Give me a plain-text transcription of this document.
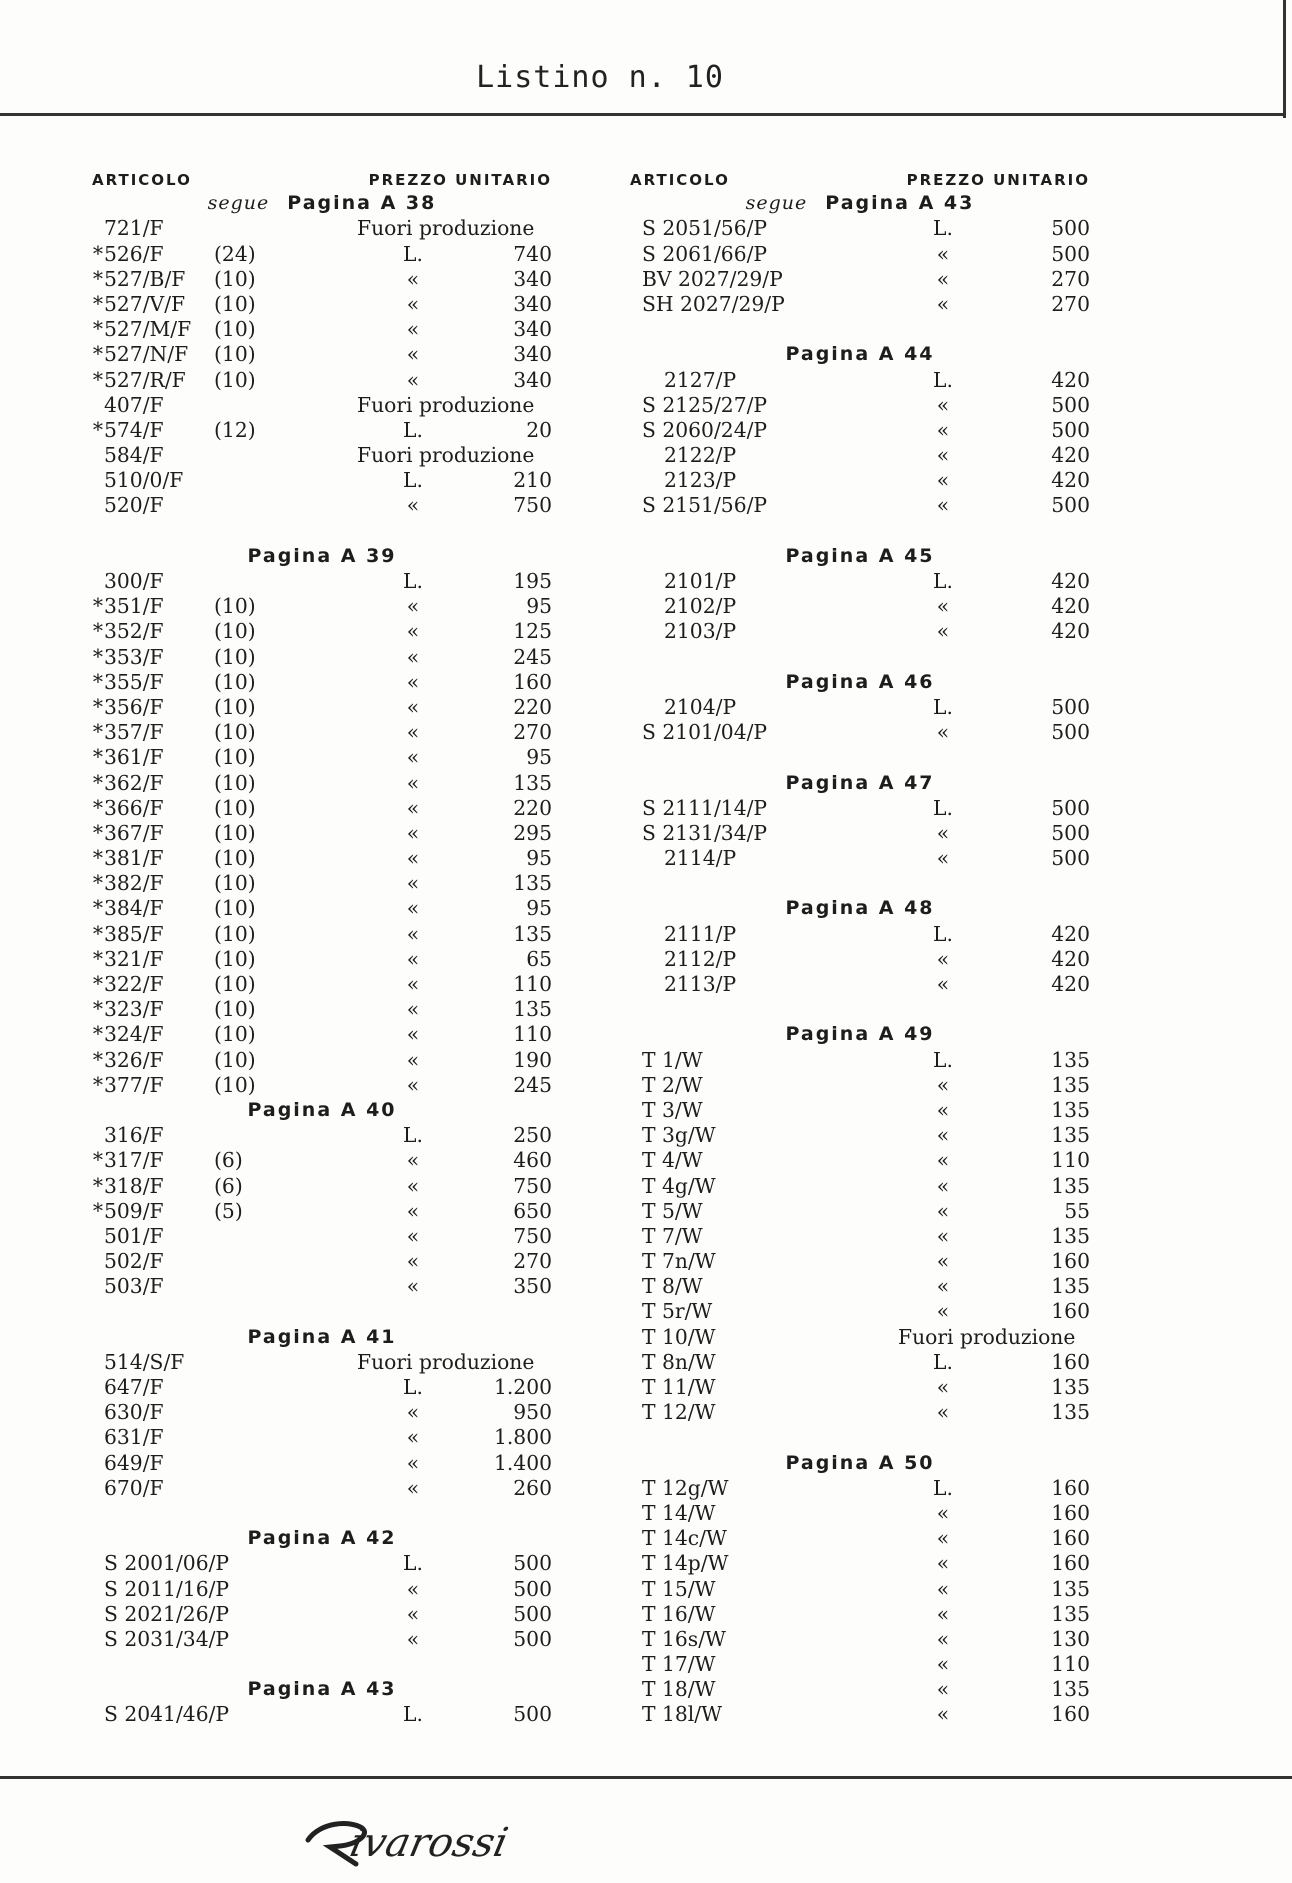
Listino n. 10
ARTICOLO	PREZZO UNITARIO
segue Pagina A 38
721/F	Fuori produzione
*526/F (24)	L.	740
*527/B/F (10)	«	340
*527/V/F (10)	«	340
*527/M/F (10)	«	340
*527/N/F (10)	«	340
*527/R/F (10)	«	340
407/F	Fuori produzione
*574/F (12)	L.	20
584/F	Fuori produzione
510/0/F	L.	210
520/F	«	750
Pagina A 39
300/F	L.	195
*351/F (10)	«	95
*352/F (10)	«	125
*353/F (10)	«	245
*355/F (10)	«	160
*356/F (10)	«	220
*357/F (10)	«	270
*361/F (10)	«	95
*362/F (10)	«	135
*366/F (10)	«	220
*367/F (10)	«	295
*381/F (10)	«	95
*382/F (10)	«	135
*384/F (10)	«	95
*385/F (10)	«	135
*321/F (10)	«	65
*322/F (10)	«	110
*323/F (10)	«	135
*324/F (10)	«	110
*326/F (10)	«	190
*377/F (10)	«	245
Pagina A 40
316/F	L.	250
*317/F (6)	«	460
*318/F (6)	«	750
*509/F (5)	«	650
501/F	«	750
502/F	«	270
503/F	«	350
Pagina A 41
514/S/F	Fuori produzione
647/F	L.	1.200
630/F	«	950
631/F	«	1.800
649/F	«	1.400
670/F	«	260
Pagina A 42
S 2001/06/P	L.	500
S 2011/16/P	«	500
S 2021/26/P	«	500
S 2031/34/P	«	500
Pagina A 43
S 2041/46/P	L.	500
ARTICOLO	PREZZO UNITARIO
segue Pagina A 43
S 2051/56/P	L.	500
S 2061/66/P	«	500
BV 2027/29/P	«	270
SH 2027/29/P	«	270
Pagina A 44
2127/P	L.	420
S 2125/27/P	«	500
S 2060/24/P	«	500
2122/P	«	420
2123/P	«	420
S 2151/56/P	«	500
Pagina A 45
2101/P	L.	420
2102/P	«	420
2103/P	«	420
Pagina A 46
2104/P	L.	500
S 2101/04/P	«	500
Pagina A 47
S 2111/14/P	L.	500
S 2131/34/P	«	500
2114/P	«	500
Pagina A 48
2111/P	L.	420
2112/P	«	420
2113/P	«	420
Pagina A 49
T 1/W	L.	135
T 2/W	«	135
T 3/W	«	135
T 3g/W	«	135
T 4/W	«	110
T 4g/W	«	135
T 5/W	«	55
T 7/W	«	135
T 7n/W	«	160
T 8/W	«	135
T 5r/W	«	160
T 10/W	Fuori produzione
T 8n/W	L.	160
T 11/W	«	135
T 12/W	«	135
Pagina A 50
T 12g/W	L.	160
T 14/W	«	160
T 14c/W	«	160
T 14p/W	«	160
T 15/W	«	135
T 16/W	«	135
T 16s/W	«	130
T 17/W	«	110
T 18/W	«	135
T 18l/W	«	160
ivarossi
